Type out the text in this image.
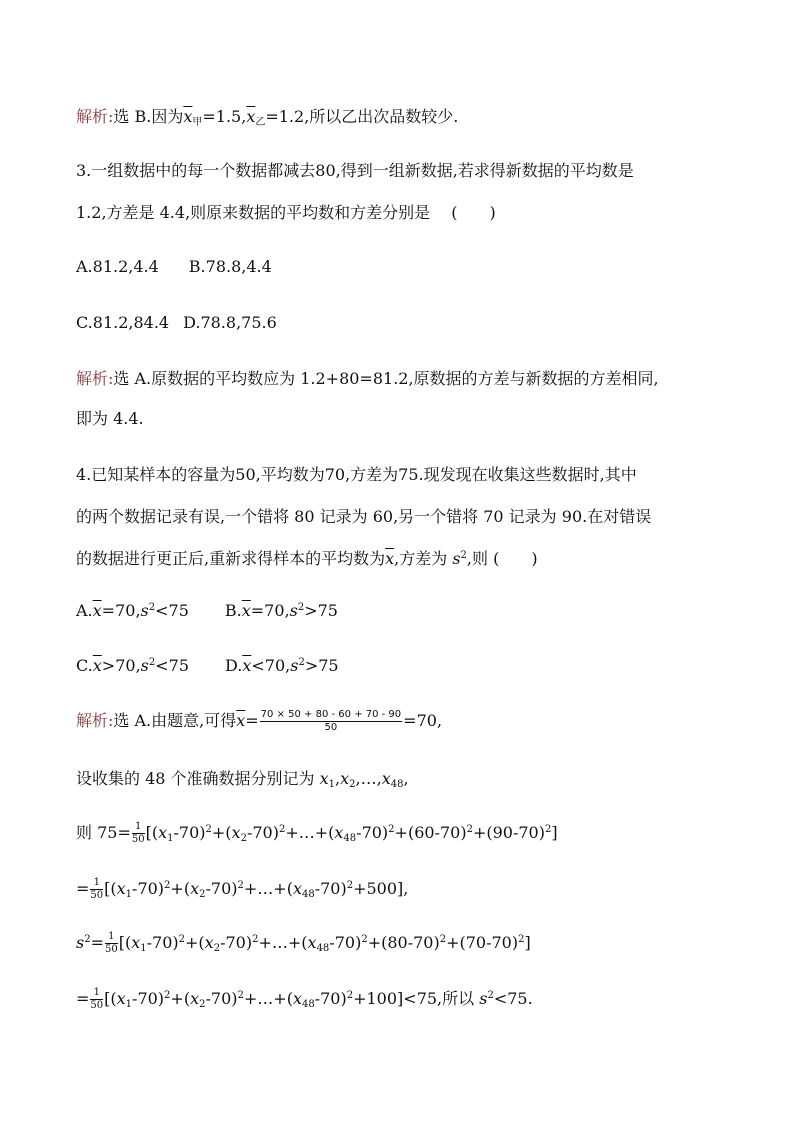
解析:选 B.因为$\overline{x}_甲=1.5,\overline{x}_乙=1.2$,所以乙出次品数较少.
3.一组数据中的每一个数据都减去80,得到一组新数据,若求得新数据的平均数是
1.2,方差是 4.4,则原来数据的平均数和方差分别是　 (　　)
A.81.2,4.4 B.78.8,4.4
C.81.2,84.4 D.78.8,75.6
解析:选 A.原数据的平均数应为 1.2+80=81.2,原数据的方差与新数据的方差相同,
即为 4.4.
4.已知某样本的容量为50,平均数为70,方差为75.现发现在收集这些数据时,其中
的两个数据记录有误,一个错将 80 记录为 60,另一个错将 70 记录为 90.在对错误
的数据进行更正后,重新求得样本的平均数为$\overline{x}$,方差为 $s^2$,则 (　　)
$A.\overline{x}=70,s^2<75$ $B.\overline{x}=70,s^2>75$
$C.\overline{x}>70,s^2<75$ $D.\overline{x}<70,s^2>75$
解析:选 A.由题意,可得$\overline{x}= \frac{70 \times 50 + 80 - 60 + 70 - 90}{50} =70$,
设收集的 48 个准确数据分别记为 $x_1,x_2,\dots,x_{48}$,
则 $75= \frac{1}{50}$ $[(x_1-70)^2+(x_2-70)^2+\dots+(x_{48}-70)^2+(60-70)^2+(90-70)^2]$
= $\frac{1}{50}$ $[(x_1-70)^2+(x_2-70)^2+\dots+(x_{48}-70)^2+500]$,
$s^2= \frac{1}{50}$ $[(x_1-70)^2+(x_2-70)^2+\dots+(x_{48}-70)^2+(80-70)^2+(70-70)^2]$
= $\frac{1}{50}$ $[(x_1-70)^2+(x_2-70)^2+\dots+(x_{48}-70)^2+100]<75$,所以 $s^2<75$.
